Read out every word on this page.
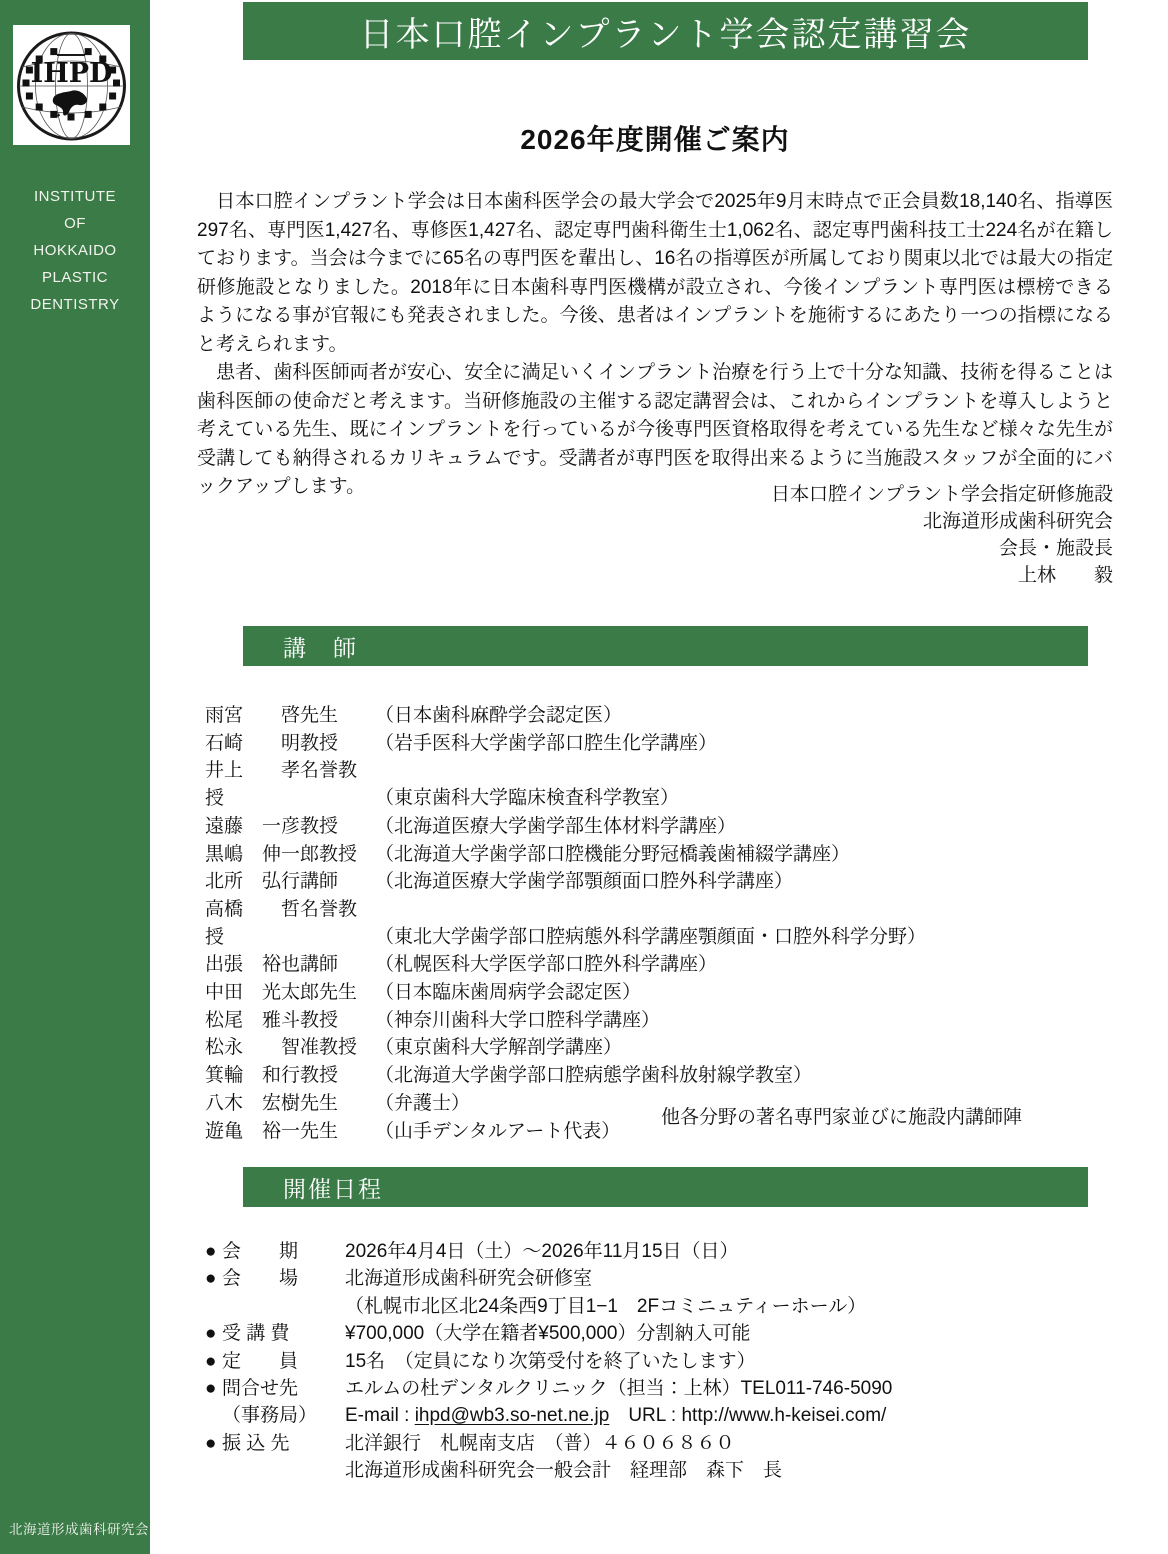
IHPD
INSTITUTE
OF
HOKKAIDO
PLASTIC
DENTISTRY
北海道形成歯科研究会
日本口腔インプラント学会認定講習会
2026年度開催ご案内

　日本口腔インプラント学会は日本歯科医学会の最大学会で2025年9月末時点で正会員数18,140名、指導医297名、専門医1,427名、専修医1,427名、認定専門歯科衛生士1,062名、認定専門歯科技工士224名が在籍しております。当会は今までに65名の専門医を輩出し、16名の指導医が所属しており関東以北では最大の指定研修施設となりました。2018年に日本歯科専門医機構が設立され、今後インプラント専門医は標榜できるようになる事が官報にも発表されました。今後、患者はインプラントを施術するにあたり一つの指標になると考えられます。

　患者、歯科医師両者が安心、安全に満足いくインプラント治療を行う上で十分な知識、技術を得ることは歯科医師の使命だと考えます。当研修施設の主催する認定講習会は、これからインプラントを導入しようと考えている先生、既にインプラントを行っているが今後専門医資格取得を考えている先生など様々な先生が受講しても納得されるカリキュラムです。受講者が専門医を取得出来るように当施設スタッフが全面的にバックアップします。	日本口腔インプラント学会指定研修施設
北海道形成歯科研究会
会長・施設長
上林　　毅
講　師
雨宮　　啓先生 （日本歯科麻酔学会認定医）
石崎　　明教授 （岩手医科大学歯学部口腔生化学講座）
井上　　孝名誉教授	（東京歯科大学臨床検査科学教室）
遠藤　一彦教授 （北海道医療大学歯学部生体材料学講座）
黒嶋　伸一郎教授 （北海道大学歯学部口腔機能分野冠橋義歯補綴学講座）
北所　弘行講師 （北海道医療大学歯学部顎顔面口腔外科学講座）
高橋　　哲名誉教授	（東北大学歯学部口腔病態外科学講座顎顔面・口腔外科学分野）
出張　裕也講師 （札幌医科大学医学部口腔外科学講座）
中田　光太郎先生 （日本臨床歯周病学会認定医）
松尾　雅斗教授 （神奈川歯科大学口腔科学講座）
松永　　智准教授 （東京歯科大学解剖学講座）
箕輪　和行教授 （北海道大学歯学部口腔病態学歯科放射線学教室）
八木　宏樹先生 （弁護士）
遊亀　裕一先生 （山手デンタルアート代表）
他各分野の著名専門家並びに施設内講師陣
開催日程
● 会　　期 2026年4月4日（土）～2026年11月15日（日）
● 会　　場 北海道形成歯科研究会研修室
（札幌市北区北24条西9丁目1−1　2Fコミニュティーホール）
● 受 講 費	¥700,000（大学在籍者¥500,000）分割納入可能
● 定　　員 15名　（定員になり次第受付を終了いたします）
● 問合せ先 エルムの杜デンタルクリニック（担当：上林）TEL011-746-5090
（事務局） E-mail : ihpd@wb3.so-net.ne.jp　URL : http://www.h-keisei.com/
● 振 込 先	北洋銀行　札幌南支店　（普）４６０６８６０
北海道形成歯科研究会一般会計　経理部　森下　長
